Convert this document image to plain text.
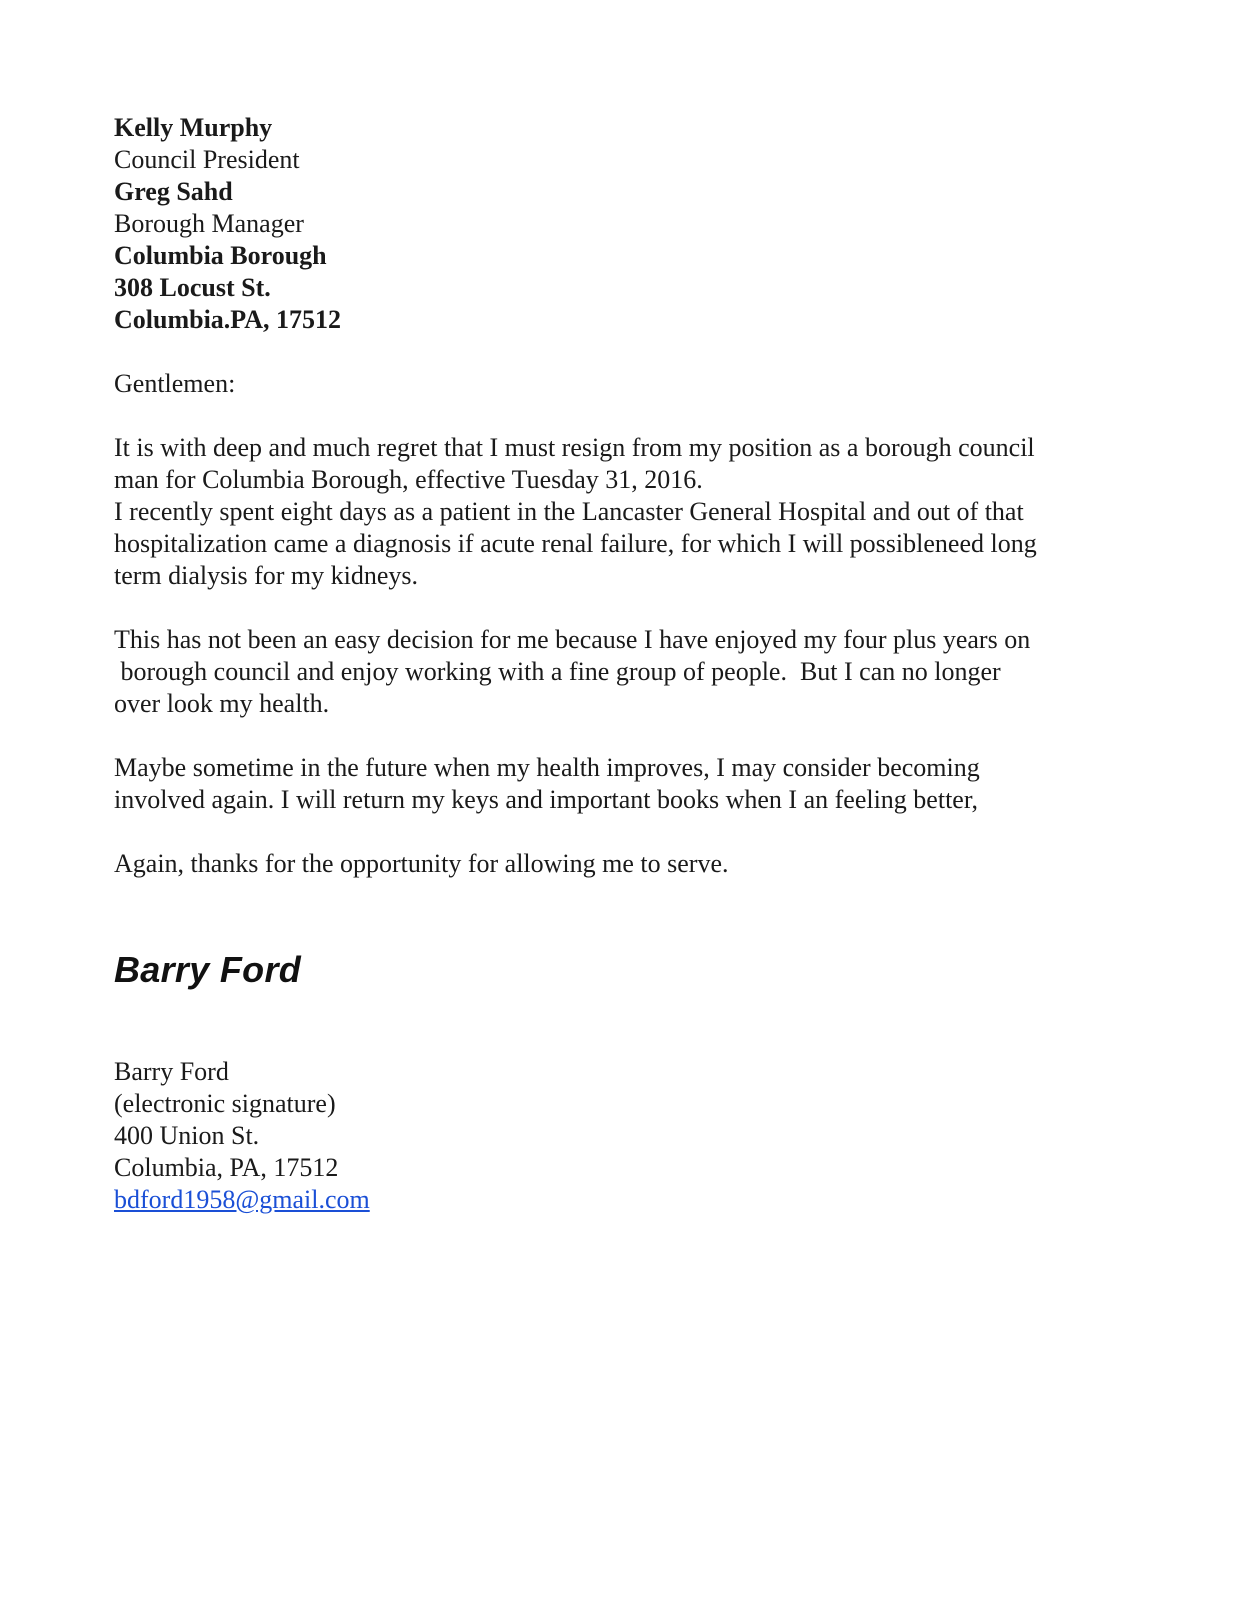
Kelly Murphy
Council President
Greg Sahd
Borough Manager
Columbia Borough
308 Locust St.
Columbia.PA, 17512
Gentlemen:
It is with deep and much regret that I must resign from my position as a borough council
man for Columbia Borough, effective Tuesday 31, 2016.
I recently spent eight days as a patient in the Lancaster General Hospital and out of that
hospitalization came a diagnosis if acute renal failure, for which I will possibleneed long
term dialysis for my kidneys.
This has not been an easy decision for me because I have enjoyed my four plus years on
borough council and enjoy working with a fine group of people.  But I can no longer
over look my health.
Maybe sometime in the future when my health improves, I may consider becoming
involved again. I will return my keys and important books when I an feeling better,
Again, thanks for the opportunity for allowing me to serve.
Barry Ford
Barry Ford
(electronic signature)
400 Union St.
Columbia, PA, 17512
bdford1958@gmail.com
